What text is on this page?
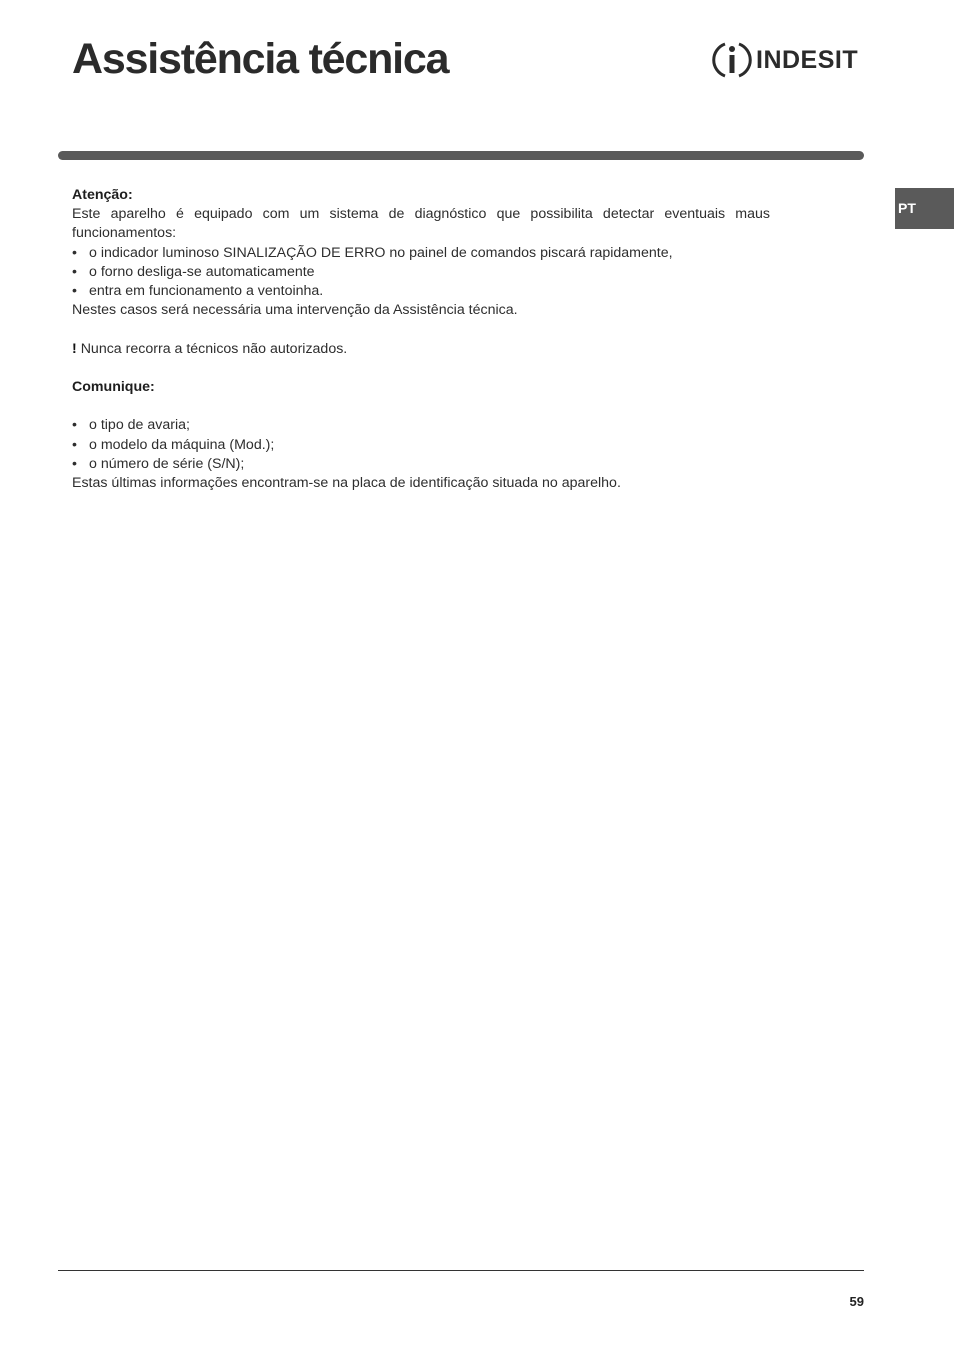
Assistência técnica	INDESIT
PT

Atenção:

Este aparelho é equipado com um sistema de diagnóstico que possibilita detectar eventuais maus funcionamentos:

• o indicador luminoso SINALIZAÇÃO DE ERRO no painel de comandos piscará rapidamente,
• o forno desliga-se automaticamente
• entra em funcionamento a ventoinha.

Nestes casos será necessária uma intervenção da Assistência técnica.

! Nunca recorra a técnicos não autorizados.

Comunique:

• o tipo de avaria;
• o modelo da máquina (Mod.);
• o número de série (S/N);

Estas últimas informações encontram-se na placa de identificação situada no aparelho.

59
